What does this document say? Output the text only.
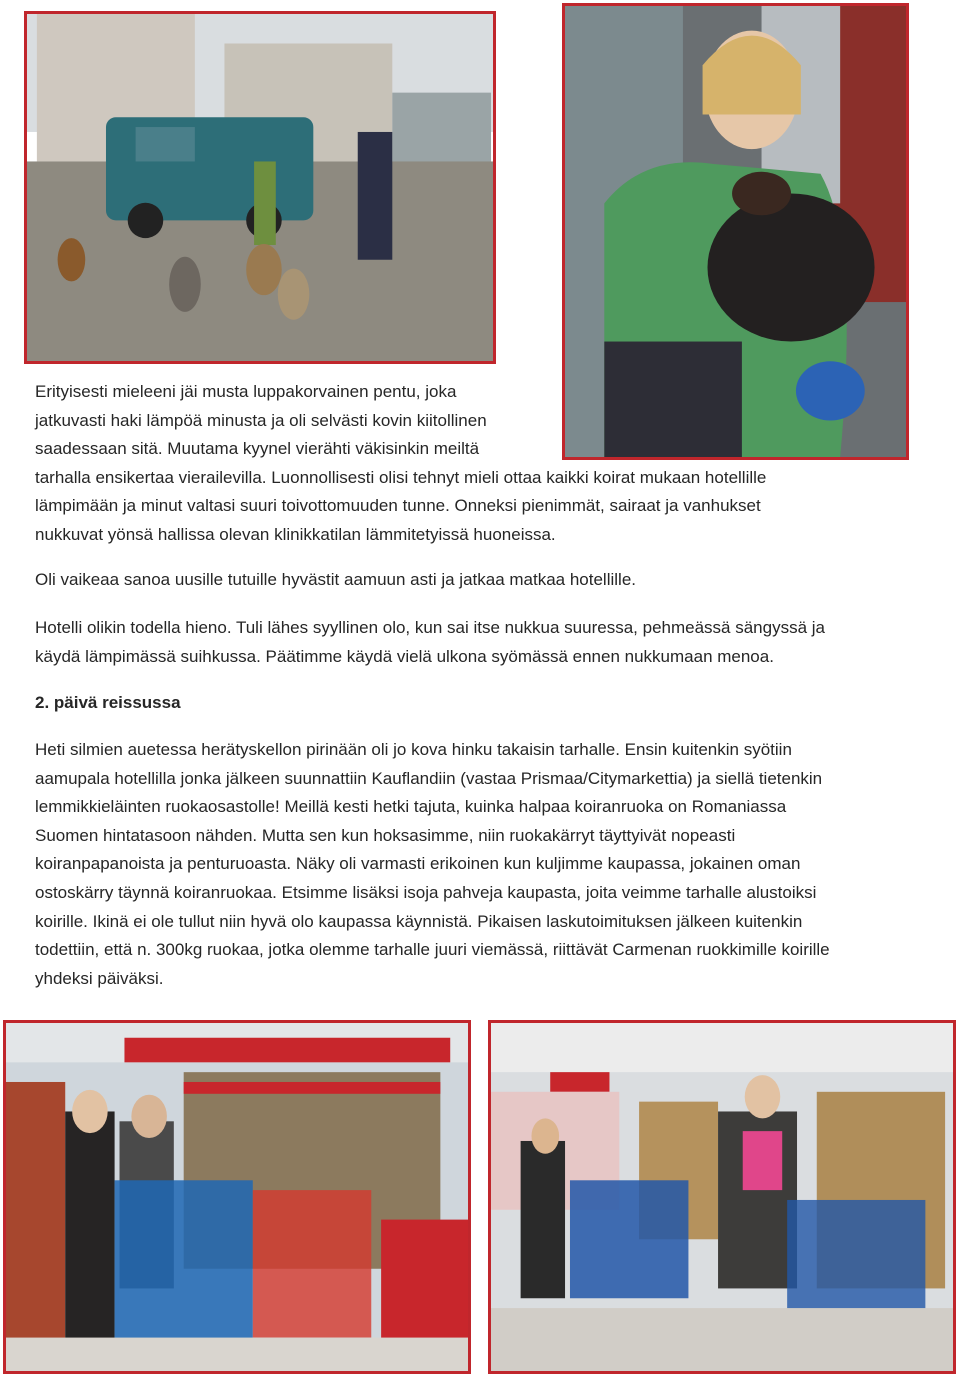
Erityisesti mieleeni jäi musta luppakorvainen pentu, joka
jatkuvasti haki lämpöä minusta ja oli selvästi kovin kiitollinen
saadessaan sitä. Muutama kyynel vierähti väkisinkin meiltä
tarhalla ensikertaa vierailevilla. Luonnollisesti olisi tehnyt mieli ottaa kaikki koirat mukaan hotellille
lämpimään ja minut valtasi suuri toivottomuuden tunne. Onneksi pienimmät, sairaat ja vanhukset
nukkuvat yönsä hallissa olevan klinikkatilan lämmitetyissä huoneissa.
Oli vaikeaa sanoa uusille tutuille hyvästit aamuun asti ja jatkaa matkaa hotellille.
Hotelli olikin todella hieno. Tuli lähes syyllinen olo, kun sai itse nukkua suuressa, pehmeässä sängyssä ja
käydä lämpimässä suihkussa. Päätimme käydä vielä ulkona syömässä ennen nukkumaan menoa.
2. päivä reissussa
Heti silmien auetessa herätyskellon pirinään oli jo kova hinku takaisin tarhalle. Ensin kuitenkin syötiin
aamupala hotellilla jonka jälkeen suunnattiin Kauflandiin (vastaa Prismaa/Citymarkettia) ja siellä tietenkin
lemmikkieläinten ruokaosastolle! Meillä kesti hetki tajuta, kuinka halpaa koiranruoka on Romaniassa
Suomen hintatasoon nähden. Mutta sen kun hoksasimme, niin ruokakärryt täyttyivät nopeasti
koiranpapanoista ja penturuoasta. Näky oli varmasti erikoinen kun kuljimme kaupassa, jokainen oman
ostoskärry täynnä koiranruokaa. Etsimme lisäksi isoja pahveja kaupasta, joita veimme tarhalle alustoiksi
koirille. Ikinä ei ole tullut niin hyvä olo kaupassa käynnistä. Pikaisen laskutoimituksen jälkeen kuitenkin
todettiin, että n. 300kg ruokaa, jotka olemme tarhalle juuri viemässä, riittävät Carmenan ruokkimille koirille
yhdeksi päiväksi.
